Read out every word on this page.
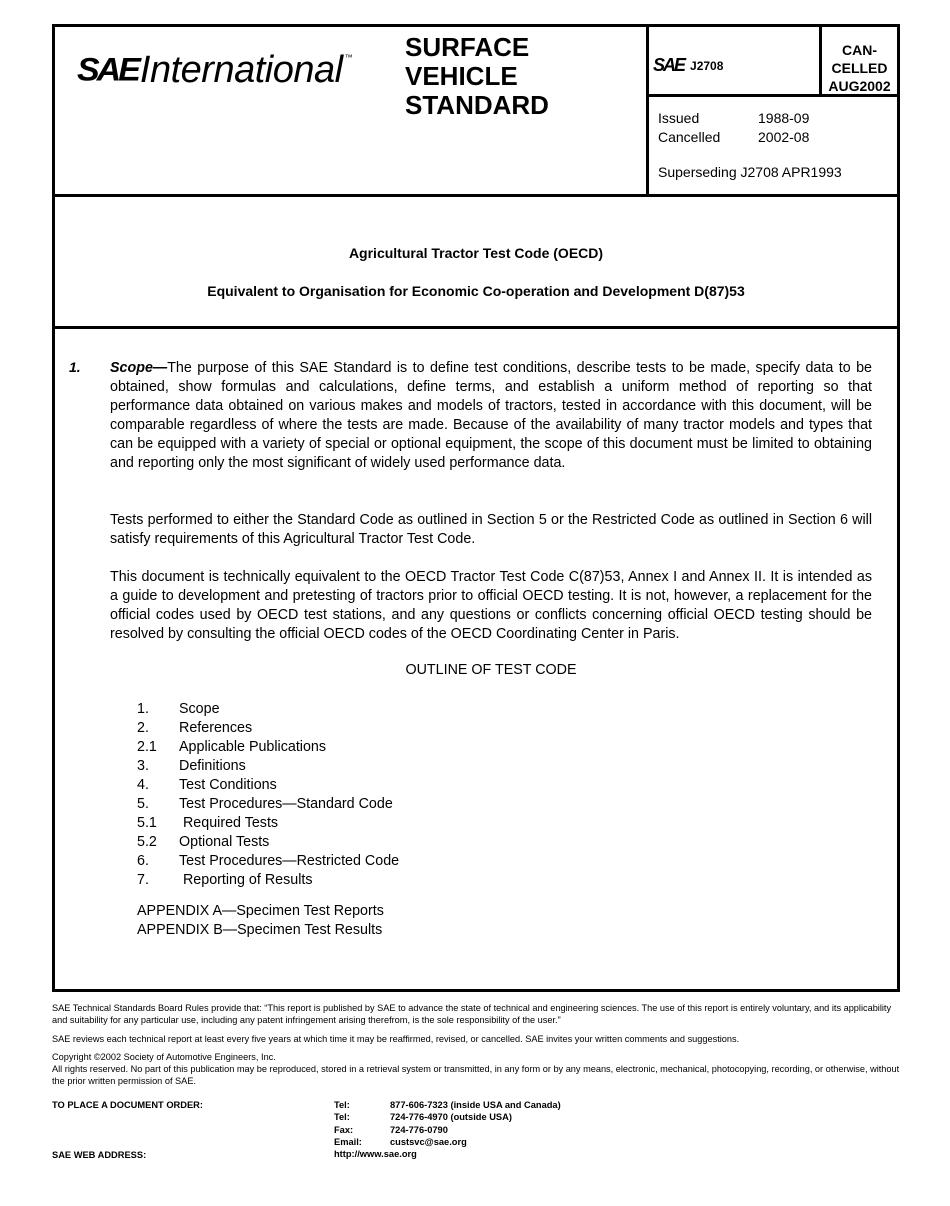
SAE International ™ SURFACE
VEHICLE
STANDARD
SAE J2708
CAN-
CELLED
AUG2002
Issued	1988-09
Cancelled	2002-08
Superseding J2708 APR1993
Agricultural Tractor Test Code (OECD)
Equivalent to Organisation for Economic Co-operation and Development D(87)53
1. Scope—The purpose of this SAE Standard is to define test conditions, describe tests to be made, specify data to be obtained, show formulas and calculations, define terms, and establish a uniform method of reporting so that performance data obtained on various makes and models of tractors, tested in accordance with this document, will be comparable regardless of where the tests are made. Because of the availability of many tractor models and types that can be equipped with a variety of special or optional equipment, the scope of this document must be limited to obtaining and reporting only the most significant of widely used performance data.
Tests performed to either the Standard Code as outlined in Section 5 or the Restricted Code as outlined in Section 6 will satisfy requirements of this Agricultural Tractor Test Code.
This document is technically equivalent to the OECD Tractor Test Code C(87)53, Annex I and Annex II. It is intended as a guide to development and pretesting of tractors prior to official OECD testing. It is not, however, a replacement for the official codes used by OECD test stations, and any questions or conflicts concerning official OECD testing should be resolved by consulting the official OECD codes of the OECD Coordinating Center in Paris.
OUTLINE OF TEST CODE
1.	Scope
2.	References
2.1	Applicable Publications
3.	Definitions
4.	Test Conditions
5.	Test Procedures—Standard Code
5.1	Required Tests
5.2	Optional Tests
6.	Test Procedures—Restricted Code
7.	Reporting of Results
APPENDIX A—Specimen Test Reports
APPENDIX B—Specimen Test Results
SAE Technical Standards Board Rules provide that: “This report is published by SAE to advance the state of technical and engineering sciences. The use of this report is entirely voluntary, and its applicability and suitability for any particular use, including any patent infringement arising therefrom, is the sole responsibility of the user.”
SAE reviews each technical report at least every five years at which time it may be reaffirmed, revised, or cancelled. SAE invites your written comments and suggestions.
Copyright ©2002 Society of Automotive Engineers, Inc.
All rights reserved. No part of this publication may be reproduced, stored in a retrieval system or transmitted, in any form or by any means, electronic, mechanical, photocopying, recording, or otherwise, without the prior written permission of SAE.
TO PLACE A DOCUMENT ORDER:
SAE WEB ADDRESS:
Tel:	877-606-7323 (inside USA and Canada)
Tel:	724-776-4970 (outside USA)
Fax:	724-776-0790
Email:	custsvc@sae.org
http://www.sae.org
